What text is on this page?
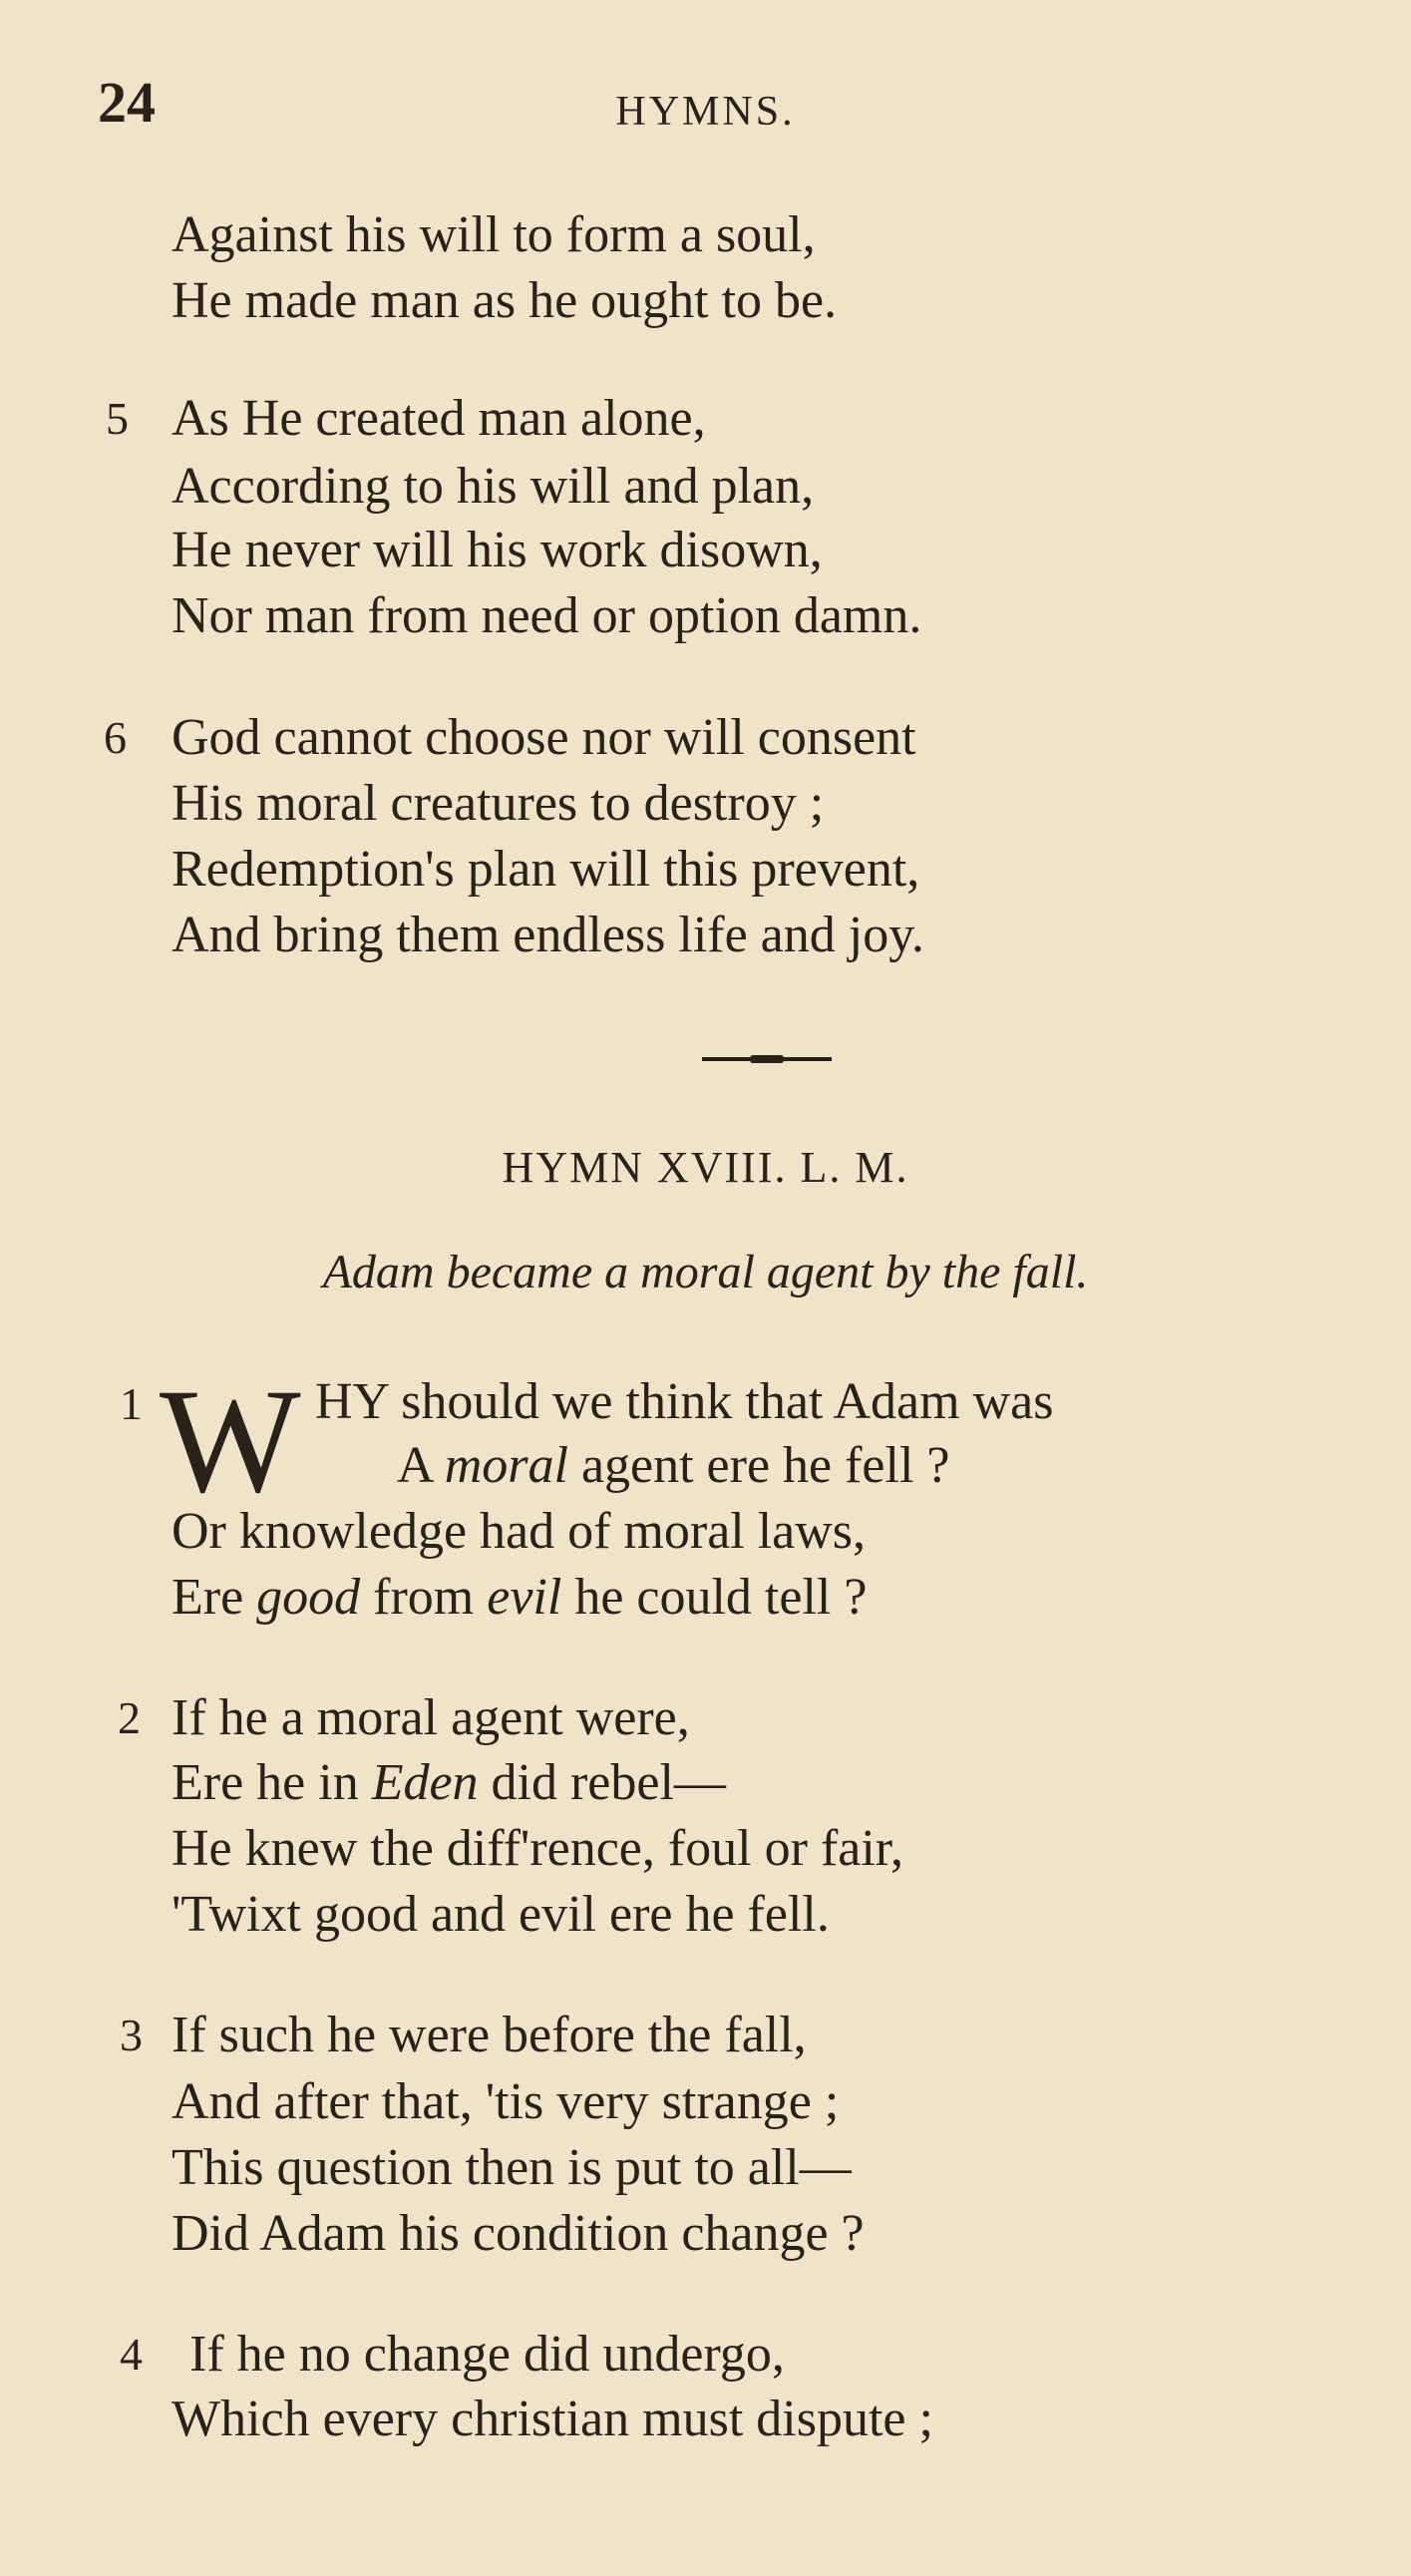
24	HYMNS.
Against his will to form a soul,
He made man as he ought to be.
5 As He created man alone,
According to his will and plan,
He never will his work disown,
Nor man from need or option damn.
6 God cannot choose nor will consent
His moral creatures to destroy ;
Redemption's plan will this prevent,
And bring them endless life and joy.
HYMN XVIII. L. M.
Adam became a moral agent by the fall.
1 W HY should we think that Adam was
A moral agent ere he fell ?
Or knowledge had of moral laws,
Ere good from evil he could tell ?
2 If he a moral agent were,
Ere he in Eden did rebel—
He knew the diff'rence, foul or fair,
'Twixt good and evil ere he fell.
3 If such he were before the fall,
And after that, 'tis very strange ;
This question then is put to all—
Did Adam his condition change ?
4 If he no change did undergo,
Which every christian must dispute ;
